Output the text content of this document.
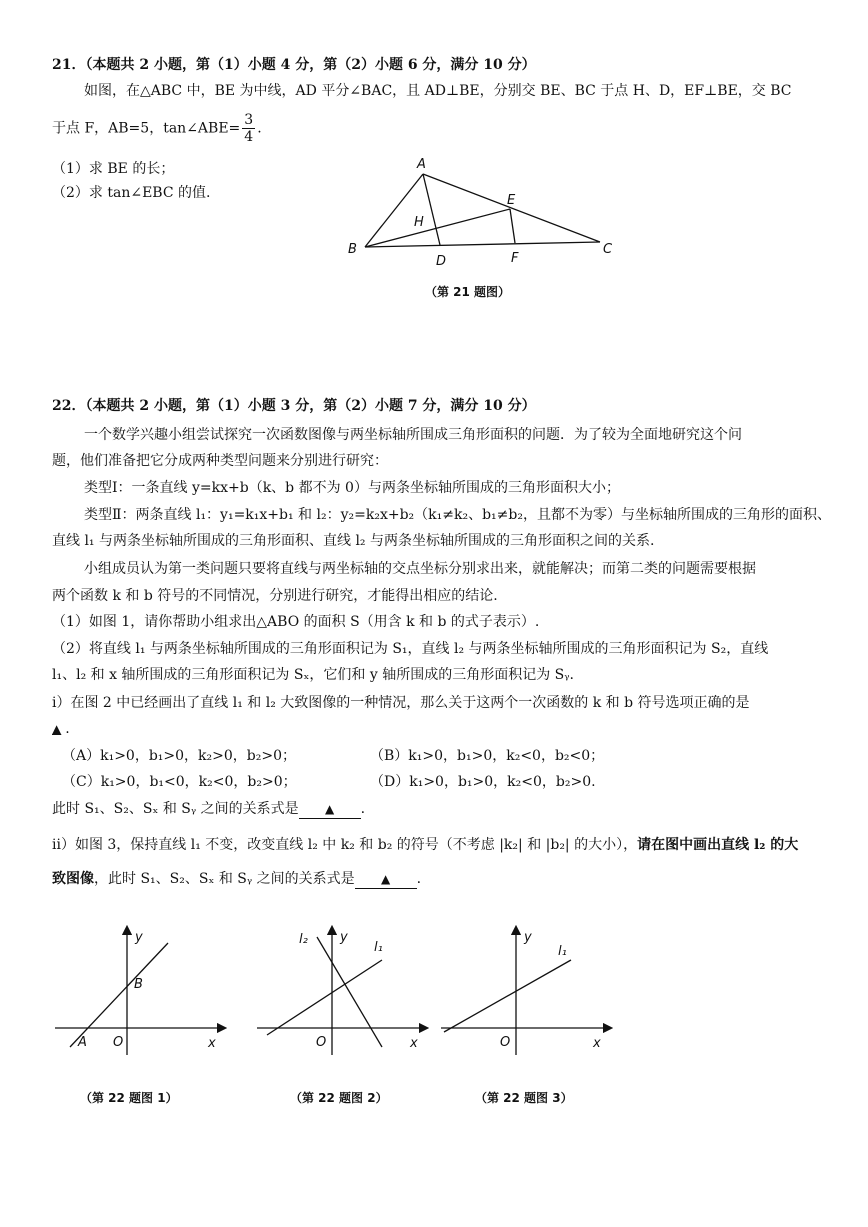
21．（本题共 2 小题，第（1）小题 4 分，第（2）小题 6 分，满分 10 分）
如图，在△ABC 中，BE 为中线，AD 平分∠BAC，且 AD⊥BE，分别交 BE、BC 于点 H、D，EF⊥BE，交 BC
于点 F，AB=5，tan∠ABE= $\frac{3}{4}$ .
（1）求 BE 的长；
（2）求 tan∠EBC 的值.
A
B	C
D
E
F
H
（第 21 题图）
22．（本题共 2 小题，第（1）小题 3 分，第（2）小题 7 分，满分 10 分）
一个数学兴趣小组尝试探究一次函数图像与两坐标轴所围成三角形面积的问题．为了较为全面地研究这个问
题，他们准备把它分成两种类型问题来分别进行研究：
类型Ⅰ：一条直线 y=kx+b（k、b 都不为 0）与两条坐标轴所围成的三角形面积大小；
类型Ⅱ：两条直线 l₁：y₁=k₁x+b₁ 和 l₂：y₂=k₂x+b₂（k₁≠k₂、b₁≠b₂，且都不为零）与坐标轴所围成的三角形的面积、
直线 l₁ 与两条坐标轴所围成的三角形面积、直线 l₂ 与两条坐标轴所围成的三角形面积之间的关系.
小组成员认为第一类问题只要将直线与两坐标轴的交点坐标分别求出来，就能解决；而第二类的问题需要根据
两个函数 k 和 b 符号的不同情况，分别进行研究，才能得出相应的结论.
（1）如图 1，请你帮助小组求出△ABO 的面积 S（用含 k 和 b 的式子表示）.
（2）将直线 l₁ 与两条坐标轴所围成的三角形面积记为 S₁，直线 l₂ 与两条坐标轴所围成的三角形面积记为 S₂，直线
l₁、l₂ 和 x 轴所围成的三角形面积记为 Sₓ，它们和 y 轴所围成的三角形面积记为 Sᵧ.
i）在图 2 中已经画出了直线 l₁ 和 l₂ 大致图像的一种情况，那么关于这两个一次函数的 k 和 b 符号选项正确的是
▲ .
（A）k₁>0，b₁>0，k₂>0，b₂>0；	（B）k₁>0，b₁>0，k₂<0，b₂<0；
（C）k₁>0，b₁<0，k₂<0，b₂>0；	（D）k₁>0，b₁>0，k₂<0，b₂>0.
此时 S₁、S₂、Sₓ 和 Sᵧ 之间的关系式是 ▲ .
ii）如图 3，保持直线 l₁ 不变，改变直线 l₂ 中 k₂ 和 b₂ 的符号（不考虑 |k₂| 和 |b₂| 的大小），请在图中画出直线 l₂ 的大
致图像，此时 S₁、S₂、Sₓ 和 Sᵧ 之间的关系式是 ▲ .
y
x
O
A
B
（第 22 题图 1）
y
x
O
l₂
l₁
（第 22 题图 2）
y
x
O
l₁
（第 22 题图 3）
